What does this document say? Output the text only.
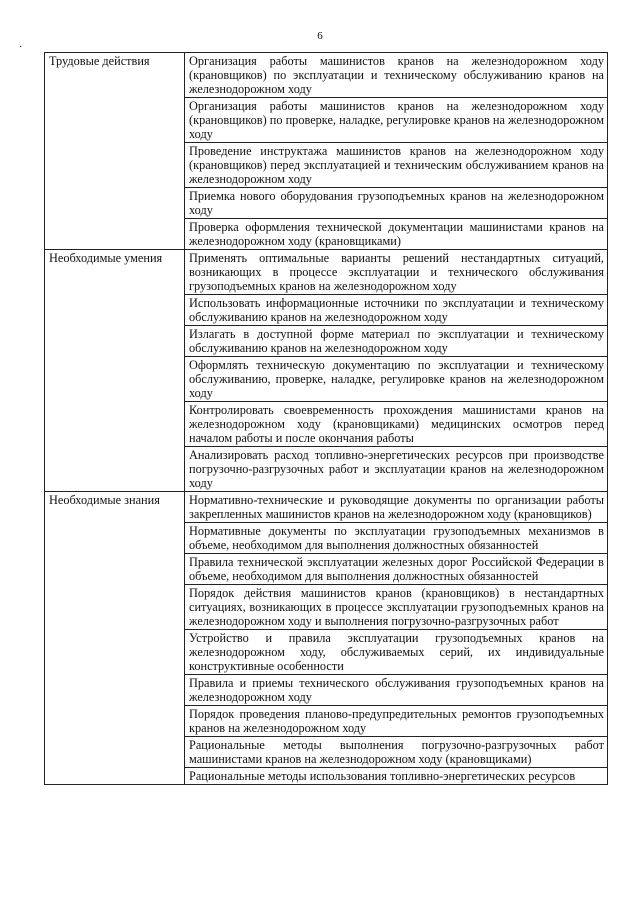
6
·
Трудовые действия	Организация работы машинистов кранов на железнодорожном ходу (крановщиков) по эксплуатации и техническому обслуживанию кранов на железнодорожном ходу
	Организация работы машинистов кранов на железнодорожном ходу (крановщиков) по проверке, наладке, регулировке кранов на железнодорожном ходу
	Проведение инструктажа машинистов кранов на железнодорожном ходу (крановщиков) перед эксплуатацией и техническим обслуживанием кранов на железнодорожном ходу
	Приемка нового оборудования грузоподъемных кранов на железнодорожном ходу
	Проверка оформления технической документации машинистами кранов на железнодорожном ходу (крановщиками)
Необходимые умения	Применять оптимальные варианты решений нестандартных ситуаций, возникающих в процессе эксплуатации и технического обслуживания грузоподъемных кранов на железнодорожном ходу
	Использовать информационные источники по эксплуатации и техническому обслуживанию кранов на железнодорожном ходу
	Излагать в доступной форме материал по эксплуатации и техническому обслуживанию кранов на железнодорожном ходу
	Оформлять техническую документацию по эксплуатации и техническому обслуживанию, проверке, наладке, регулировке кранов на железнодорожном ходу
	Контролировать своевременность прохождения машинистами кранов на железнодорожном ходу (крановщиками) медицинских осмотров перед началом работы и после окончания работы
	Анализировать расход топливно-энергетических ресурсов при производстве погрузочно-разгрузочных работ и эксплуатации кранов на железнодорожном ходу
Необходимые знания	Нормативно-технические и руководящие документы по организации работы закрепленных машинистов кранов на железнодорожном ходу (крановщиков)
	Нормативные документы по эксплуатации грузоподъемных механизмов в объеме, необходимом для выполнения должностных обязанностей
	Правила технической эксплуатации железных дорог Российской Федерации в объеме, необходимом для выполнения должностных обязанностей
	Порядок действия машинистов кранов (крановщиков) в нестандартных ситуациях, возникающих в процессе эксплуатации грузоподъемных кранов на железнодорожном ходу и выполнения погрузочно-разгрузочных работ
	Устройство и правила эксплуатации грузоподъемных кранов на железнодорожном ходу, обслуживаемых серий, их индивидуальные конструктивные особенности
	Правила и приемы технического обслуживания грузоподъемных кранов на железнодорожном ходу
	Порядок проведения планово-предупредительных ремонтов грузоподъемных кранов на железнодорожном ходу
	Рациональные методы выполнения погрузочно-разгрузочных работ машинистами кранов на железнодорожном ходу (крановщиками)
	Рациональные методы использования топливно-энергетических ресурсов
